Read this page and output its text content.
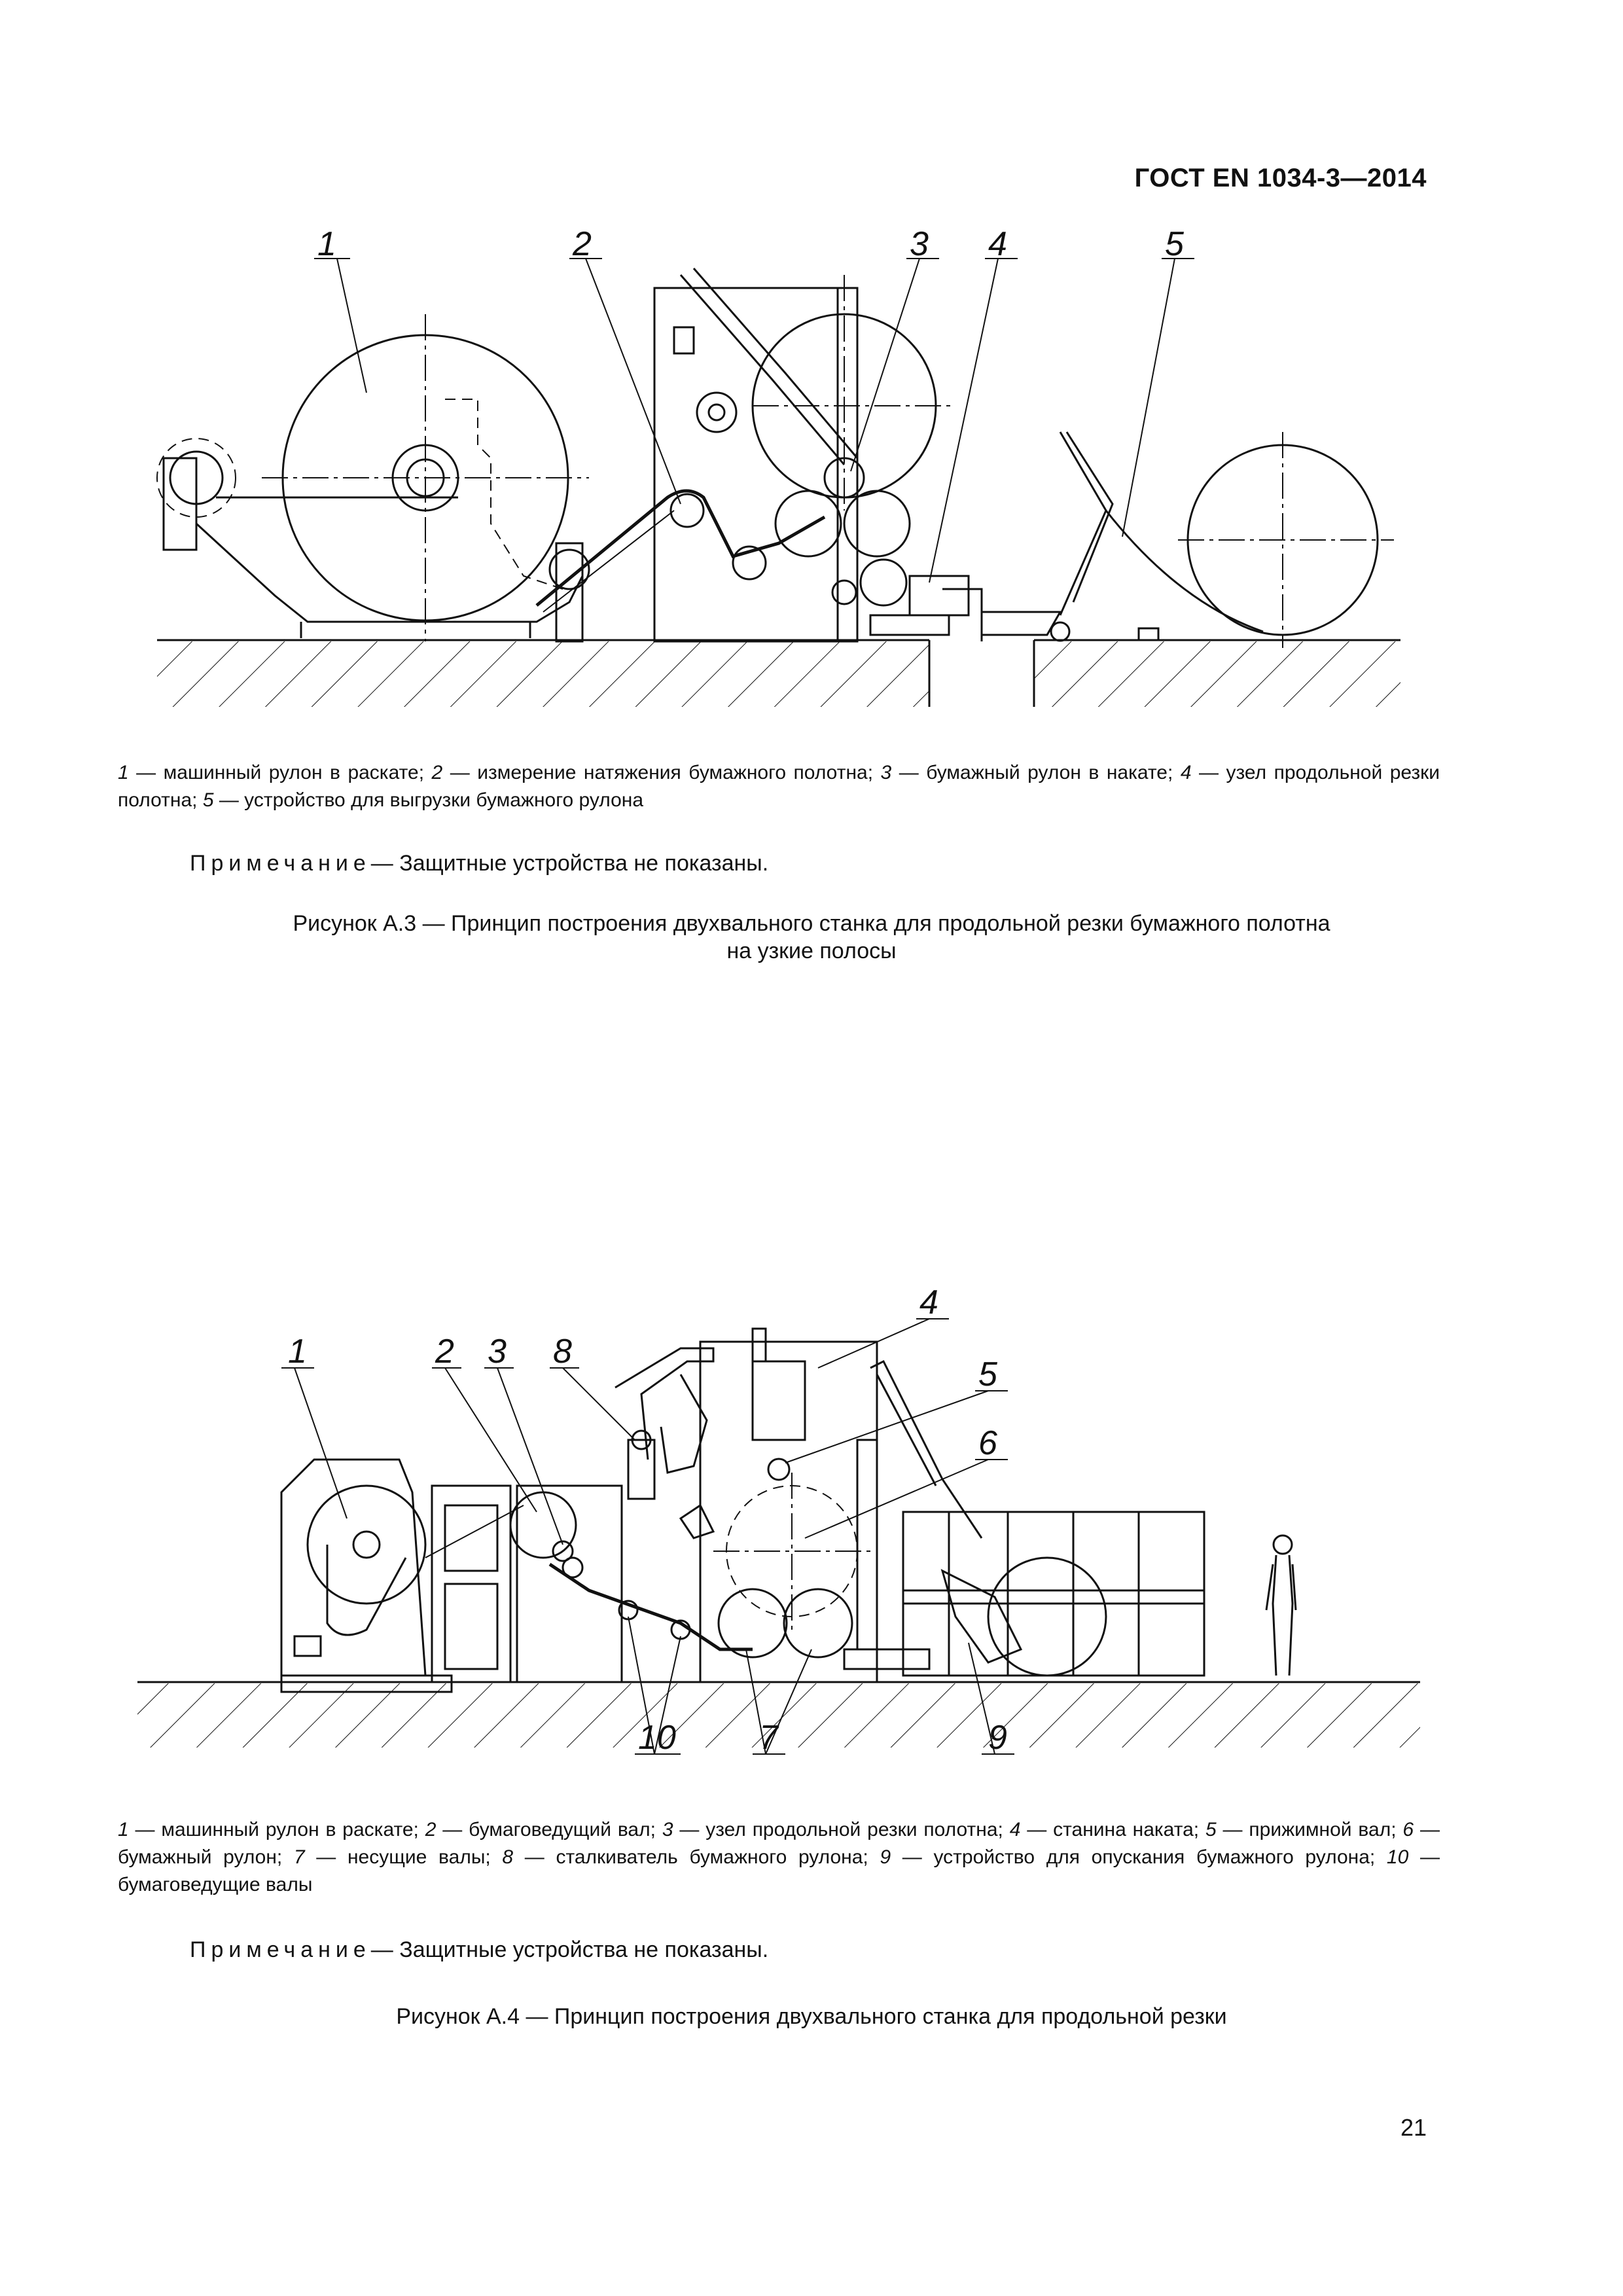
ГОСТ EN 1034-3—2014
1	2	3 4	5
1 — машинный рулон в раскате; 2 — измерение натяжения бумажного полотна; 3 — бумажный рулон в накате; 4 — узел продольной резки полотна; 5 — устройство для выгрузки бумажного рулона
Примечание— Защитные устройства не показаны.
Рисунок А.3 — Принцип построения двухвального станка для продольной резки бумажного полотна
на узкие полосы
1	2 3 8
4
5
6
10 7	9
1 — машинный рулон в раскате; 2 — бумаговедущий вал; 3 — узел продольной резки полотна; 4 — станина наката; 5 — прижимной вал; 6 — бумажный рулон; 7 — несущие валы; 8 — сталкиватель бумажного рулона; 9 — устройство для опускания бумажного рулона; 10 — бумаговедущие валы
Примечание— Защитные устройства не показаны.
Рисунок А.4 — Принцип построения двухвального станка для продольной резки
21
